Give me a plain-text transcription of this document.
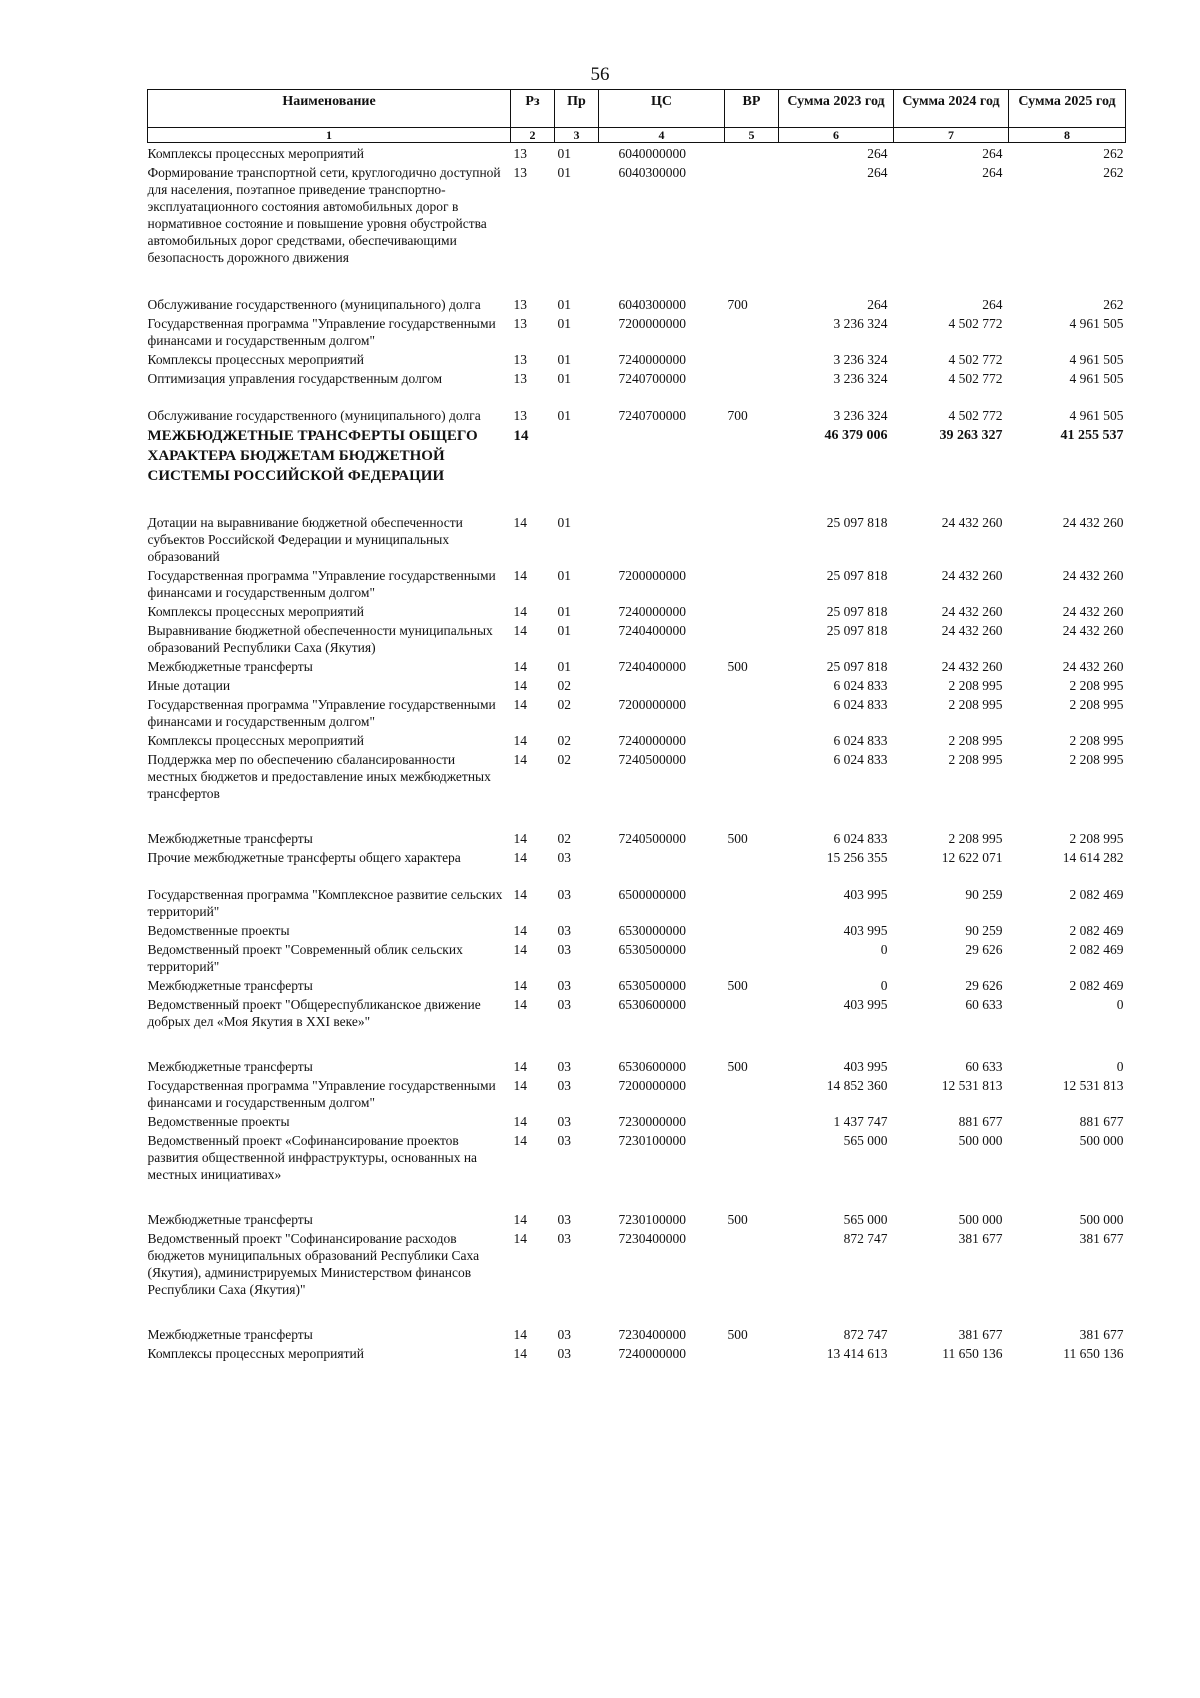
56
Наименование	Рз	Пр	ЦС	ВР	Сумма 2023 год	Сумма 2024 год	Сумма 2025 год
1	2	3	4	5	6	7	8
Комплексы процессных мероприятий	13	01	6040000000		264	264	262
Формирование транспортной сети, круглогодично доступной для населения, поэтапное приведение транспортно-эксплуатационного состояния автомобильных дорог в нормативное состояние и повышение уровня обустройства автомобильных дорог средствами, обеспечивающими безопасность дорожного движения	13	01	6040300000		264	264	262
Обслуживание государственного (муниципального) долга	13	01	6040300000	700	264	264	262
Государственная программа "Управление государственными финансами и государственным долгом"	13	01	7200000000		3 236 324	4 502 772	4 961 505
Комплексы процессных мероприятий	13	01	7240000000		3 236 324	4 502 772	4 961 505
Оптимизация управления государственным долгом	13	01	7240700000		3 236 324	4 502 772	4 961 505
Обслуживание государственного (муниципального) долга	13	01	7240700000	700	3 236 324	4 502 772	4 961 505
МЕЖБЮДЖЕТНЫЕ ТРАНСФЕРТЫ ОБЩЕГО ХАРАКТЕРА БЮДЖЕТАМ БЮДЖЕТНОЙ СИСТЕМЫ РОССИЙСКОЙ ФЕДЕРАЦИИ	14				46 379 006	39 263 327	41 255 537
Дотации на выравнивание бюджетной обеспеченности субъектов Российской Федерации и муниципальных образований	14	01			25 097 818	24 432 260	24 432 260
Государственная программа "Управление государственными финансами и государственным долгом"	14	01	7200000000		25 097 818	24 432 260	24 432 260
Комплексы процессных мероприятий	14	01	7240000000		25 097 818	24 432 260	24 432 260
Выравнивание бюджетной обеспеченности муниципальных образований Республики Саха (Якутия)	14	01	7240400000		25 097 818	24 432 260	24 432 260
Межбюджетные трансферты	14	01	7240400000	500	25 097 818	24 432 260	24 432 260
Иные дотации	14	02			6 024 833	2 208 995	2 208 995
Государственная программа "Управление государственными финансами и государственным долгом"	14	02	7200000000		6 024 833	2 208 995	2 208 995
Комплексы процессных мероприятий	14	02	7240000000		6 024 833	2 208 995	2 208 995
Поддержка мер по обеспечению сбалансированности местных бюджетов и предоставление иных межбюджетных трансфертов	14	02	7240500000		6 024 833	2 208 995	2 208 995
Межбюджетные трансферты	14	02	7240500000	500	6 024 833	2 208 995	2 208 995
Прочие межбюджетные трансферты общего характера	14	03			15 256 355	12 622 071	14 614 282
Государственная программа "Комплексное развитие сельских территорий"	14	03	6500000000		403 995	90 259	2 082 469
Ведомственные проекты	14	03	6530000000		403 995	90 259	2 082 469
Ведомственный проект "Современный облик сельских территорий"	14	03	6530500000		0	29 626	2 082 469
Межбюджетные трансферты	14	03	6530500000	500	0	29 626	2 082 469
Ведомственный проект "Общереспубликанское движение добрых дел «Моя Якутия в XXI веке»"	14	03	6530600000		403 995	60 633	0
Межбюджетные трансферты	14	03	6530600000	500	403 995	60 633	0
Государственная программа "Управление государственными финансами и государственным долгом"	14	03	7200000000		14 852 360	12 531 813	12 531 813
Ведомственные проекты	14	03	7230000000		1 437 747	881 677	881 677
Ведомственный проект «Софинансирование проектов развития общественной инфраструктуры, основанных на местных инициативах»	14	03	7230100000		565 000	500 000	500 000
Межбюджетные трансферты	14	03	7230100000	500	565 000	500 000	500 000
Ведомственный проект "Софинансирование расходов бюджетов муниципальных образований Республики Саха (Якутия), администрируемых Министерством финансов Республики Саха (Якутия)"	14	03	7230400000		872 747	381 677	381 677
Межбюджетные трансферты	14	03	7230400000	500	872 747	381 677	381 677
Комплексы процессных мероприятий	14	03	7240000000		13 414 613	11 650 136	11 650 136
